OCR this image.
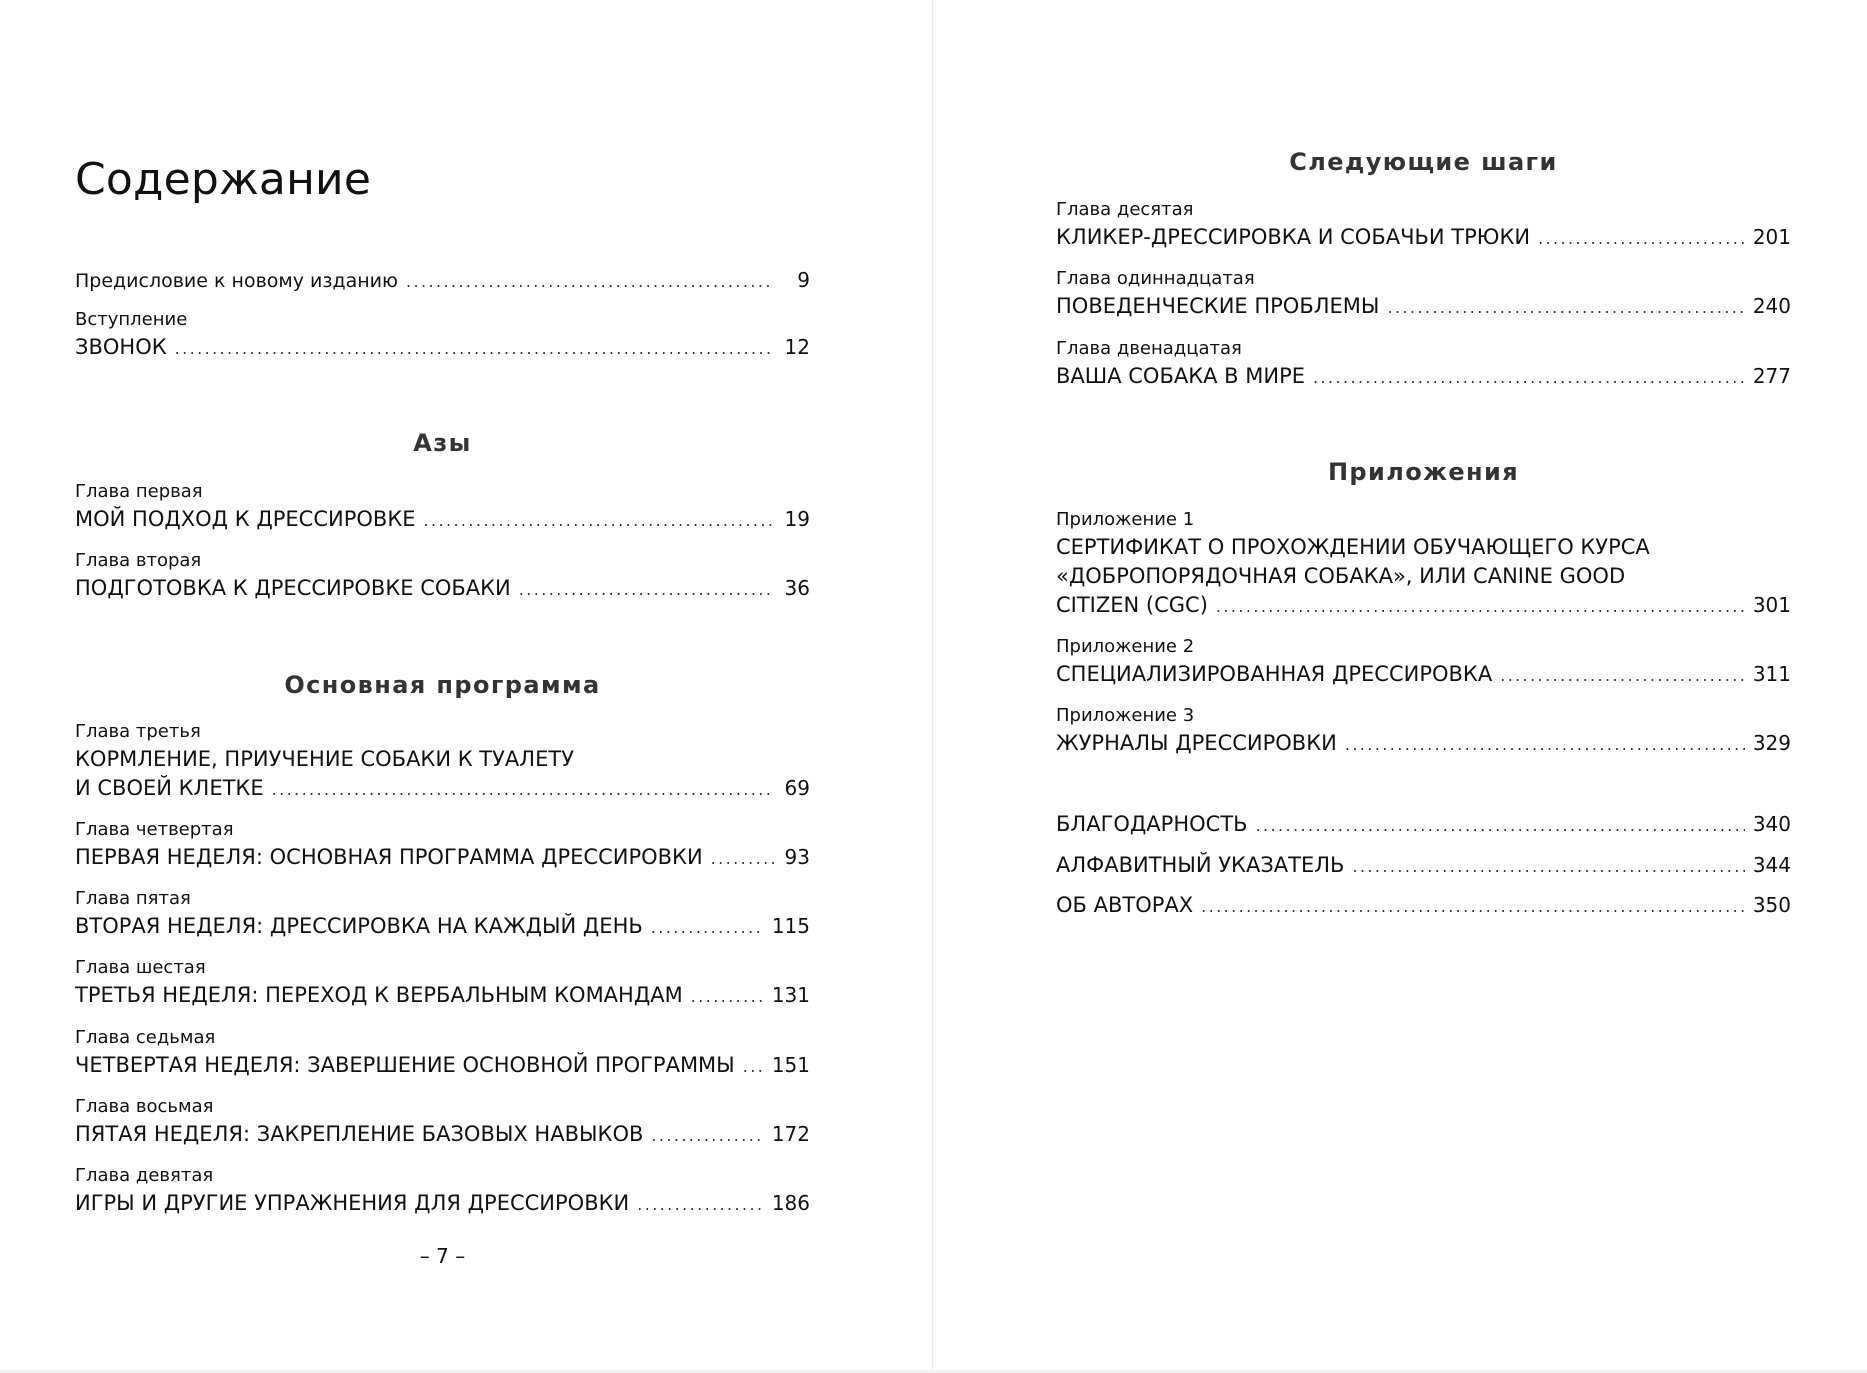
Содержание
Предисловие к новому изданию .....	9
Вступление
ЗВОНОК .....	12
Азы
Глава первая
МОЙ ПОДХОД К ДРЕССИРОВКЕ .....	19
Глава вторая
ПОДГОТОВКА К ДРЕССИРОВКЕ СОБАКИ .....	36
Основная программа
Глава третья
КОРМЛЕНИЕ, ПРИУЧЕНИЕ СОБАКИ К ТУАЛЕТУ
И СВОЕЙ КЛЕТКЕ .....	69
Глава четвертая
ПЕРВАЯ НЕДЕЛЯ: ОСНОВНАЯ ПРОГРАММА ДРЕССИРОВКИ .....	93
Глава пятая
ВТОРАЯ НЕДЕЛЯ: ДРЕССИРОВКА НА КАЖДЫЙ ДЕНЬ .....	115
Глава шестая
ТРЕТЬЯ НЕДЕЛЯ: ПЕРЕХОД К ВЕРБАЛЬНЫМ КОМАНДАМ .....	131
Глава седьмая
ЧЕТВЕРТАЯ НЕДЕЛЯ: ЗАВЕРШЕНИЕ ОСНОВНОЙ ПРОГРАММЫ ..... 151
Глава восьмая
ПЯТАЯ НЕДЕЛЯ: ЗАКРЕПЛЕНИЕ БАЗОВЫХ НАВЫКОВ .....	172
Глава девятая
ИГРЫ И ДРУГИЕ УПРАЖНЕНИЯ ДЛЯ ДРЕССИРОВКИ .....	186
– 7 –
Следующие шаги
Глава десятая
КЛИКЕР-ДРЕССИРОВКА И СОБАЧЬИ ТРЮКИ .....	201
Глава одиннадцатая
ПОВЕДЕНЧЕСКИЕ ПРОБЛЕМЫ .....	240
Глава двенадцатая
ВАША СОБАКА В МИРЕ .....	277
Приложения
Приложение 1
СЕРТИФИКАТ О ПРОХОЖДЕНИИ ОБУЧАЮЩЕГО КУРСА
«ДОБРОПОРЯДОЧНАЯ СОБАКА», ИЛИ CANINE GOOD
CITIZEN (CGC) .....	301
Приложение 2
СПЕЦИАЛИЗИРОВАННАЯ ДРЕССИРОВКА .....	311
Приложение 3
ЖУРНАЛЫ ДРЕССИРОВКИ .....	329
БЛАГОДАРНОСТЬ .....	340
АЛФАВИТНЫЙ УКАЗАТЕЛЬ .....	344
ОБ АВТОРАХ .....	350
